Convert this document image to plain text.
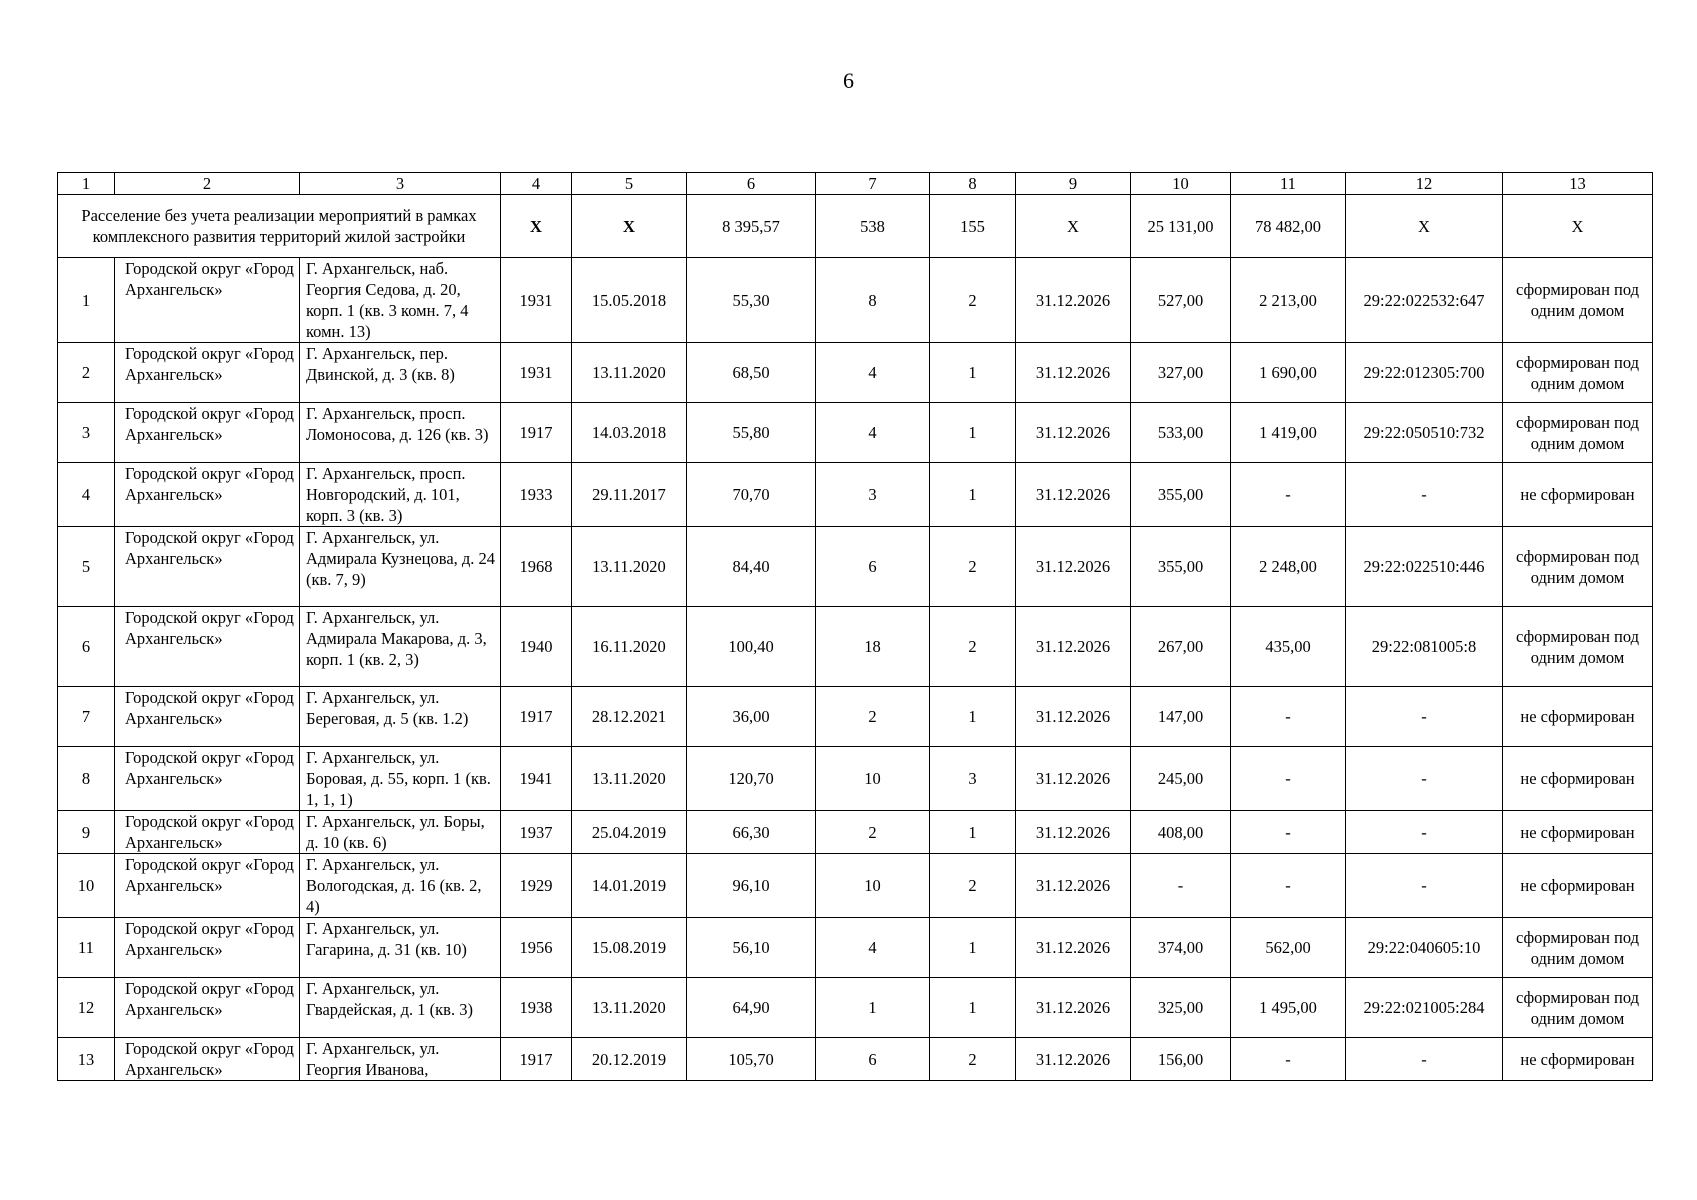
6
1	2	3	4	5	6	7	8	9	10	11	12	13
Расселение без учета реализации мероприятий в рамках комплексного развития территорий жилой застройки			X	X	8 395,57	538	155	X	25 131,00	78 482,00	X	X
1	Городской округ «Город Архангельск»	Г. Архангельск, наб. Георгия Седова, д. 20, корп. 1 (кв. 3 комн. 7, 4 комн. 13)	1931	15.05.2018	55,30	8	2	31.12.2026	527,00	2 213,00	29:22:022532:647	сформирован под одним домом
2	Городской округ «Город Архангельск»	Г. Архангельск, пер. Двинской, д. 3 (кв. 8)	1931	13.11.2020	68,50	4	1	31.12.2026	327,00	1 690,00	29:22:012305:700	сформирован под одним домом
3	Городской округ «Город Архангельск»	Г. Архангельск, просп. Ломоносова, д. 126 (кв. 3)	1917	14.03.2018	55,80	4	1	31.12.2026	533,00	1 419,00	29:22:050510:732	сформирован под одним домом
4	Городской округ «Город Архангельск»	Г. Архангельск, просп. Новгородский, д. 101, корп. 3 (кв. 3)	1933	29.11.2017	70,70	3	1	31.12.2026	355,00	-	-	не сформирован
5	Городской округ «Город Архангельск»	Г. Архангельск, ул. Адмирала Кузнецова, д. 24 (кв. 7, 9)	1968	13.11.2020	84,40	6	2	31.12.2026	355,00	2 248,00	29:22:022510:446	сформирован под одним домом
6	Городской округ «Город Архангельск»	Г. Архангельск, ул. Адмирала Макарова, д. 3, корп. 1 (кв. 2, 3)	1940	16.11.2020	100,40	18	2	31.12.2026	267,00	435,00	29:22:081005:8	сформирован под одним домом
7	Городской округ «Город Архангельск»	Г. Архангельск, ул. Береговая, д. 5 (кв. 1.2)	1917	28.12.2021	36,00	2	1	31.12.2026	147,00	-	-	не сформирован
8	Городской округ «Город Архангельск»	Г. Архангельск, ул. Боровая, д. 55, корп. 1 (кв. 1, 1, 1)	1941	13.11.2020	120,70	10	3	31.12.2026	245,00	-	-	не сформирован
9	Городской округ «Город Архангельск»	Г. Архангельск, ул. Боры, д. 10 (кв. 6)	1937	25.04.2019	66,30	2	1	31.12.2026	408,00	-	-	не сформирован
10	Городской округ «Город Архангельск»	Г. Архангельск, ул. Вологодская, д. 16 (кв. 2, 4)	1929	14.01.2019	96,10	10	2	31.12.2026	-	-	-	не сформирован
11	Городской округ «Город Архангельск»	Г. Архангельск, ул. Гагарина, д. 31 (кв. 10)	1956	15.08.2019	56,10	4	1	31.12.2026	374,00	562,00	29:22:040605:10	сформирован под одним домом
12	Городской округ «Город Архангельск»	Г. Архангельск, ул. Гвардейская, д. 1 (кв. 3)	1938	13.11.2020	64,90	1	1	31.12.2026	325,00	1 495,00	29:22:021005:284	сформирован под одним домом
13	Городской округ «Город Архангельск»	Г. Архангельск, ул. Георгия Иванова,	1917	20.12.2019	105,70	6	2	31.12.2026	156,00	-	-	не сформирован
